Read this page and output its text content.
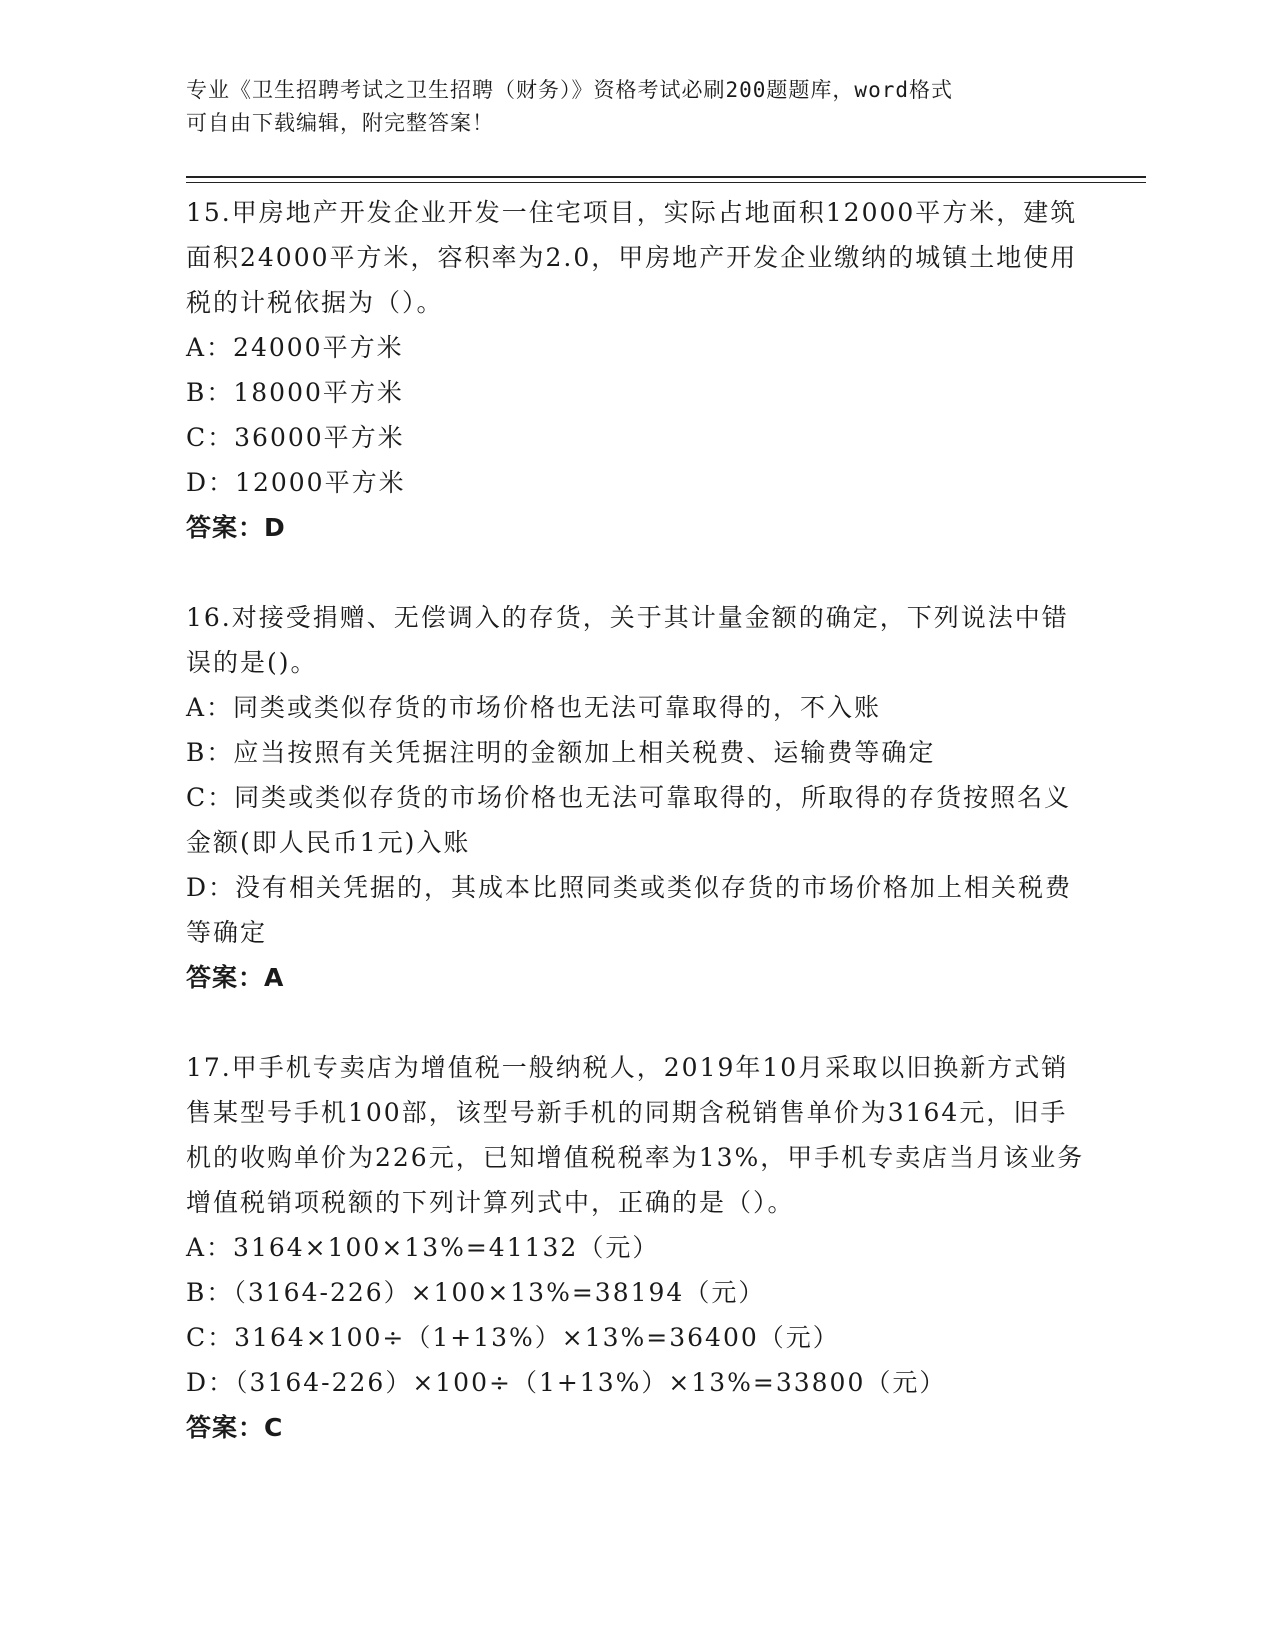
专业《卫生招聘考试之卫生招聘（财务）》资格考试必刷200题题库，word格式
可自由下载编辑，附完整答案！

15.甲房地产开发企业开发一住宅项目，实际占地面积12000平方米，建筑面积24000平方米，容积率为2.0，甲房地产开发企业缴纳的城镇土地使用税的计税依据为（）。

A：24000平方米

B：18000平方米

C：36000平方米

D：12000平方米

答案：D

16.对接受捐赠、无偿调入的存货，关于其计量金额的确定，下列说法中错误的是()。

A：同类或类似存货的市场价格也无法可靠取得的，不入账

B：应当按照有关凭据注明的金额加上相关税费、运输费等确定

C：同类或类似存货的市场价格也无法可靠取得的，所取得的存货按照名义金额(即人民币1元)入账

D：没有相关凭据的，其成本比照同类或类似存货的市场价格加上相关税费等确定

答案：A

17.甲手机专卖店为增值税一般纳税人，2019年10月采取以旧换新方式销售某型号手机100部，该型号新手机的同期含税销售单价为3164元，旧手机的收购单价为226元，已知增值税税率为13%，甲手机专卖店当月该业务增值税销项税额的下列计算列式中，正确的是（）。

A：3164×100×13%=41132（元）

B：（3164-226）×100×13%=38194（元）

C：3164×100÷（1+13%）×13%=36400（元）

D：（3164-226）×100÷（1+13%）×13%=33800（元）

答案：C
